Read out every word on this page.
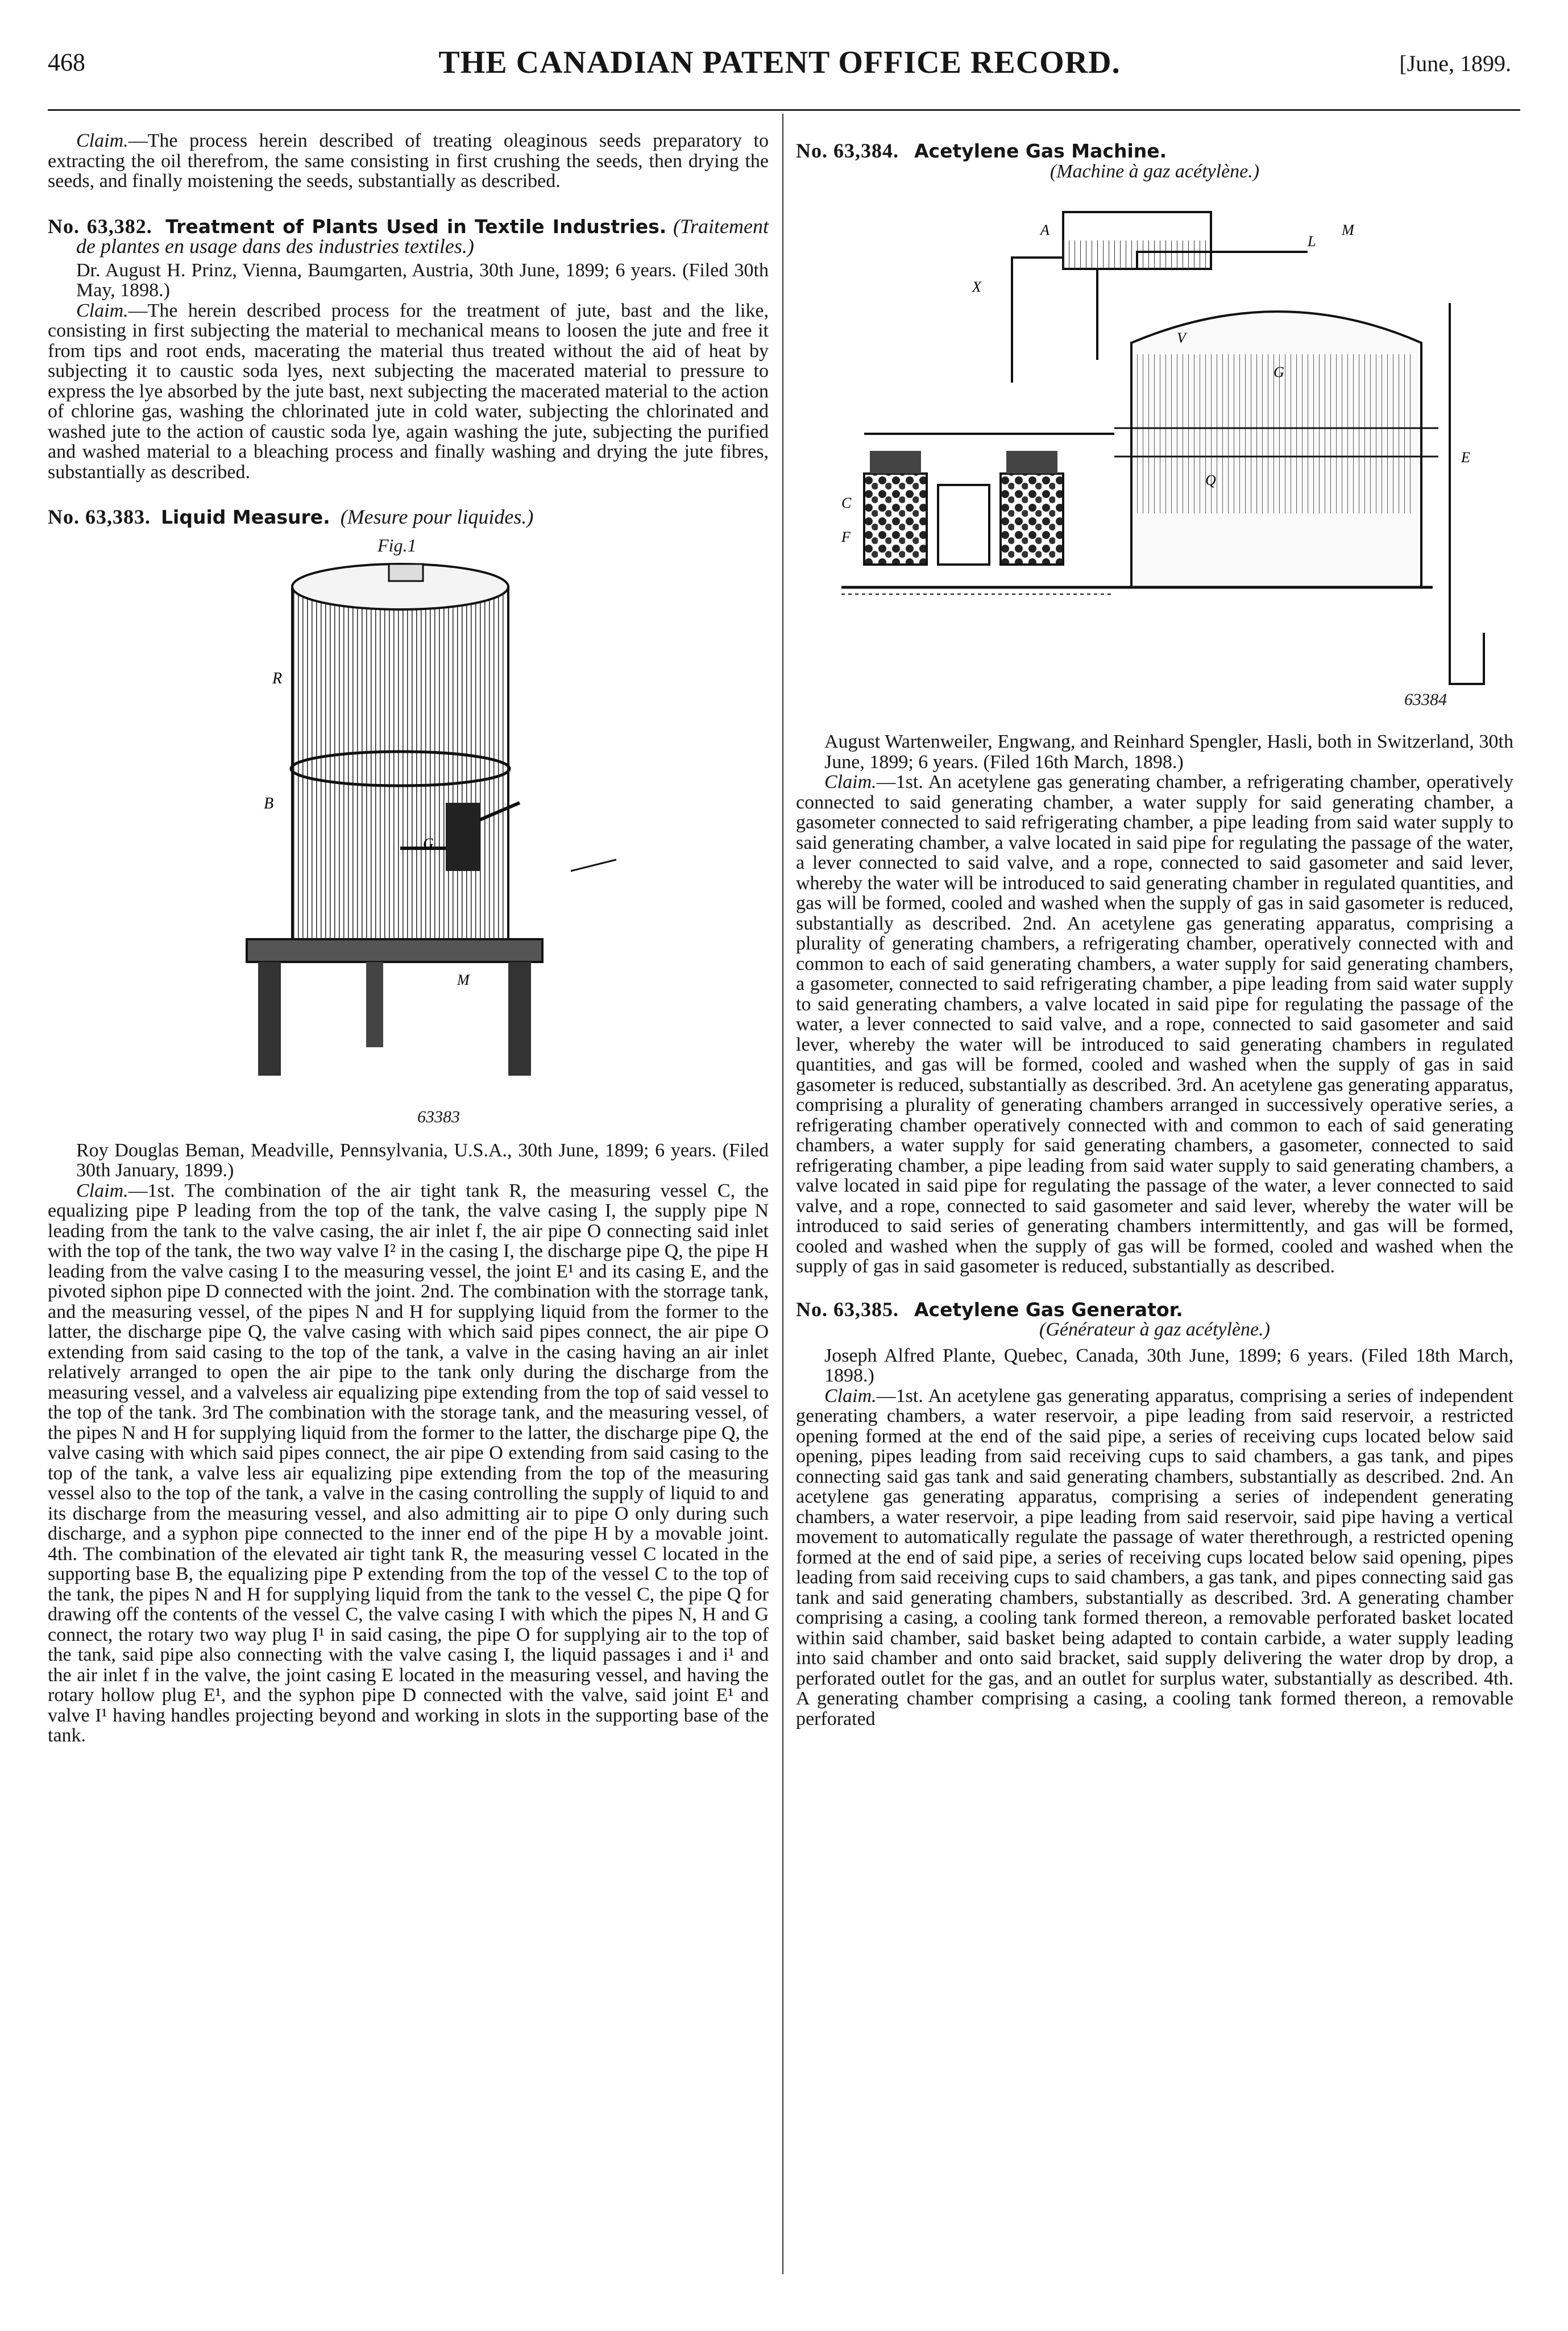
468	THE CANADIAN PATENT OFFICE RECORD.	[June, 1899.

Claim.—The process herein described of treating oleaginous seeds preparatory to extracting the oil therefrom, the same consisting in first crushing the seeds, then drying the seeds, and finally moistening the seeds, substantially as described.

No. 63,382. Treatment of Plants Used in Textile Industries. (Traitement de plantes en usage dans des industries textiles.)

Dr. August H. Prinz, Vienna, Baumgarten, Austria, 30th June, 1899; 6 years. (Filed 30th May, 1898.)

Claim.—The herein described process for the treatment of jute, bast and the like, consisting in first subjecting the material to mechanical means to loosen the jute and free it from tips and root ends, macerating the material thus treated without the aid of heat by subjecting it to caustic soda lyes, next subjecting the macerated material to pressure to express the lye absorbed by the jute bast, next subjecting the macerated material to the action of chlorine gas, washing the chlorinated jute in cold water, subjecting the chlorinated and washed jute to the action of caustic soda lye, again washing the jute, subjecting the purified and washed material to a bleaching process and finally washing and drying the jute fibres, substantially as described.

No. 63,383. Liquid Measure. (Mesure pour liquides.)
Fig.1
R
B
G
M
63383

Roy Douglas Beman, Meadville, Pennsylvania, U.S.A., 30th June, 1899; 6 years. (Filed 30th January, 1899.)

Claim.—1st. The combination of the air tight tank R, the measuring vessel C, the equalizing pipe P leading from the top of the tank, the valve casing I, the supply pipe N leading from the tank to the valve casing, the air inlet f, the air pipe O connecting said inlet with the top of the tank, the two way valve I² in the casing I, the discharge pipe Q, the pipe H leading from the valve casing I to the measuring vessel, the joint E¹ and its casing E, and the pivoted siphon pipe D connected with the joint. 2nd. The combination with the storrage tank, and the measuring vessel, of the pipes N and H for supplying liquid from the former to the latter, the discharge pipe Q, the valve casing with which said pipes connect, the air pipe O extending from said casing to the top of the tank, a valve in the casing having an air inlet relatively arranged to open the air pipe to the tank only during the discharge from the measuring vessel, and a valveless air equalizing pipe extending from the top of said vessel to the top of the tank. 3rd The combination with the storage tank, and the measuring vessel, of the pipes N and H for supplying liquid from the former to the latter, the discharge pipe Q, the valve casing with which said pipes connect, the air pipe O extending from said casing to the top of the tank, a valve less air equalizing pipe extending from the top of the measuring vessel also to the top of the tank, a valve in the casing controlling the supply of liquid to and its discharge from the measuring vessel, and also admitting air to pipe O only during such discharge, and a syphon pipe connected to the inner end of the pipe H by a movable joint. 4th. The combination of the elevated air tight tank R, the measuring vessel C located in the supporting base B, the equalizing pipe P extending from the top of the vessel C to the top of the tank, the pipes N and H for supplying liquid from the tank to the vessel C, the pipe Q for drawing off the contents of the vessel C, the valve casing I with which the pipes N, H and G connect, the rotary two way plug I¹ in said casing, the pipe O for supplying air to the top of the tank, said pipe also connecting with the valve casing I, the liquid passages i and i¹ and the air inlet f in the valve, the joint casing E located in the measuring vessel, and having the rotary hollow plug E¹, and the syphon pipe D connected with the valve, said joint E¹ and valve I¹ having handles projecting beyond and working in slots in the supporting base of the tank.

No. 63,384. Acetylene Gas Machine.
(Machine à gaz acétylène.)
A
L
M
G
Q
E
C
F
X
V
63384

August Wartenweiler, Engwang, and Reinhard Spengler, Hasli, both in Switzerland, 30th June, 1899; 6 years. (Filed 16th March, 1898.)

Claim.—1st. An acetylene gas generating chamber, a refrigerating chamber, operatively connected to said generating chamber, a water supply for said generating chamber, a gasometer connected to said refrigerating chamber, a pipe leading from said water supply to said generating chamber, a valve located in said pipe for regulating the passage of the water, a lever connected to said valve, and a rope, connected to said gasometer and said lever, whereby the water will be introduced to said generating chamber in regulated quantities, and gas will be formed, cooled and washed when the supply of gas in said gasometer is reduced, substantially as described. 2nd. An acetylene gas generating apparatus, comprising a plurality of generating chambers, a refrigerating chamber, operatively connected with and common to each of said generating chambers, a water supply for said generating chambers, a gasometer, connected to said refrigerating chamber, a pipe leading from said water supply to said generating chambers, a valve located in said pipe for regulating the passage of the water, a lever connected to said valve, and a rope, connected to said gasometer and said lever, whereby the water will be introduced to said generating chambers in regulated quantities, and gas will be formed, cooled and washed when the supply of gas in said gasometer is reduced, substantially as described. 3rd. An acetylene gas generating apparatus, comprising a plurality of generating chambers arranged in successively operative series, a refrigerating chamber operatively connected with and common to each of said generating chambers, a water supply for said generating chambers, a gasometer, connected to said refrigerating chamber, a pipe leading from said water supply to said generating chambers, a valve located in said pipe for regulating the passage of the water, a lever connected to said valve, and a rope, connected to said gasometer and said lever, whereby the water will be introduced to said series of generating chambers intermittently, and gas will be formed, cooled and washed when the supply of gas will be formed, cooled and washed when the supply of gas in said gasometer is reduced, substantially as described.

No. 63,385. Acetylene Gas Generator.
(Générateur à gaz acétylène.)

Joseph Alfred Plante, Quebec, Canada, 30th June, 1899; 6 years. (Filed 18th March, 1898.)

Claim.—1st. An acetylene gas generating apparatus, comprising a series of independent generating chambers, a water reservoir, a pipe leading from said reservoir, a restricted opening formed at the end of the said pipe, a series of receiving cups located below said opening, pipes leading from said receiving cups to said chambers, a gas tank, and pipes connecting said gas tank and said generating chambers, substantially as described. 2nd. An acetylene gas generating apparatus, comprising a series of independent generating chambers, a water reservoir, a pipe leading from said reservoir, said pipe having a vertical movement to automatically regulate the passage of water therethrough, a restricted opening formed at the end of said pipe, a series of receiving cups located below said opening, pipes leading from said receiving cups to said chambers, a gas tank, and pipes connecting said gas tank and said generating chambers, substantially as described. 3rd. A generating chamber comprising a casing, a cooling tank formed thereon, a removable perforated basket located within said chamber, said basket being adapted to contain carbide, a water supply leading into said chamber and onto said bracket, said supply delivering the water drop by drop, a perforated outlet for the gas, and an outlet for surplus water, substantially as described. 4th. A generating chamber comprising a casing, a cooling tank formed thereon, a removable perforated
